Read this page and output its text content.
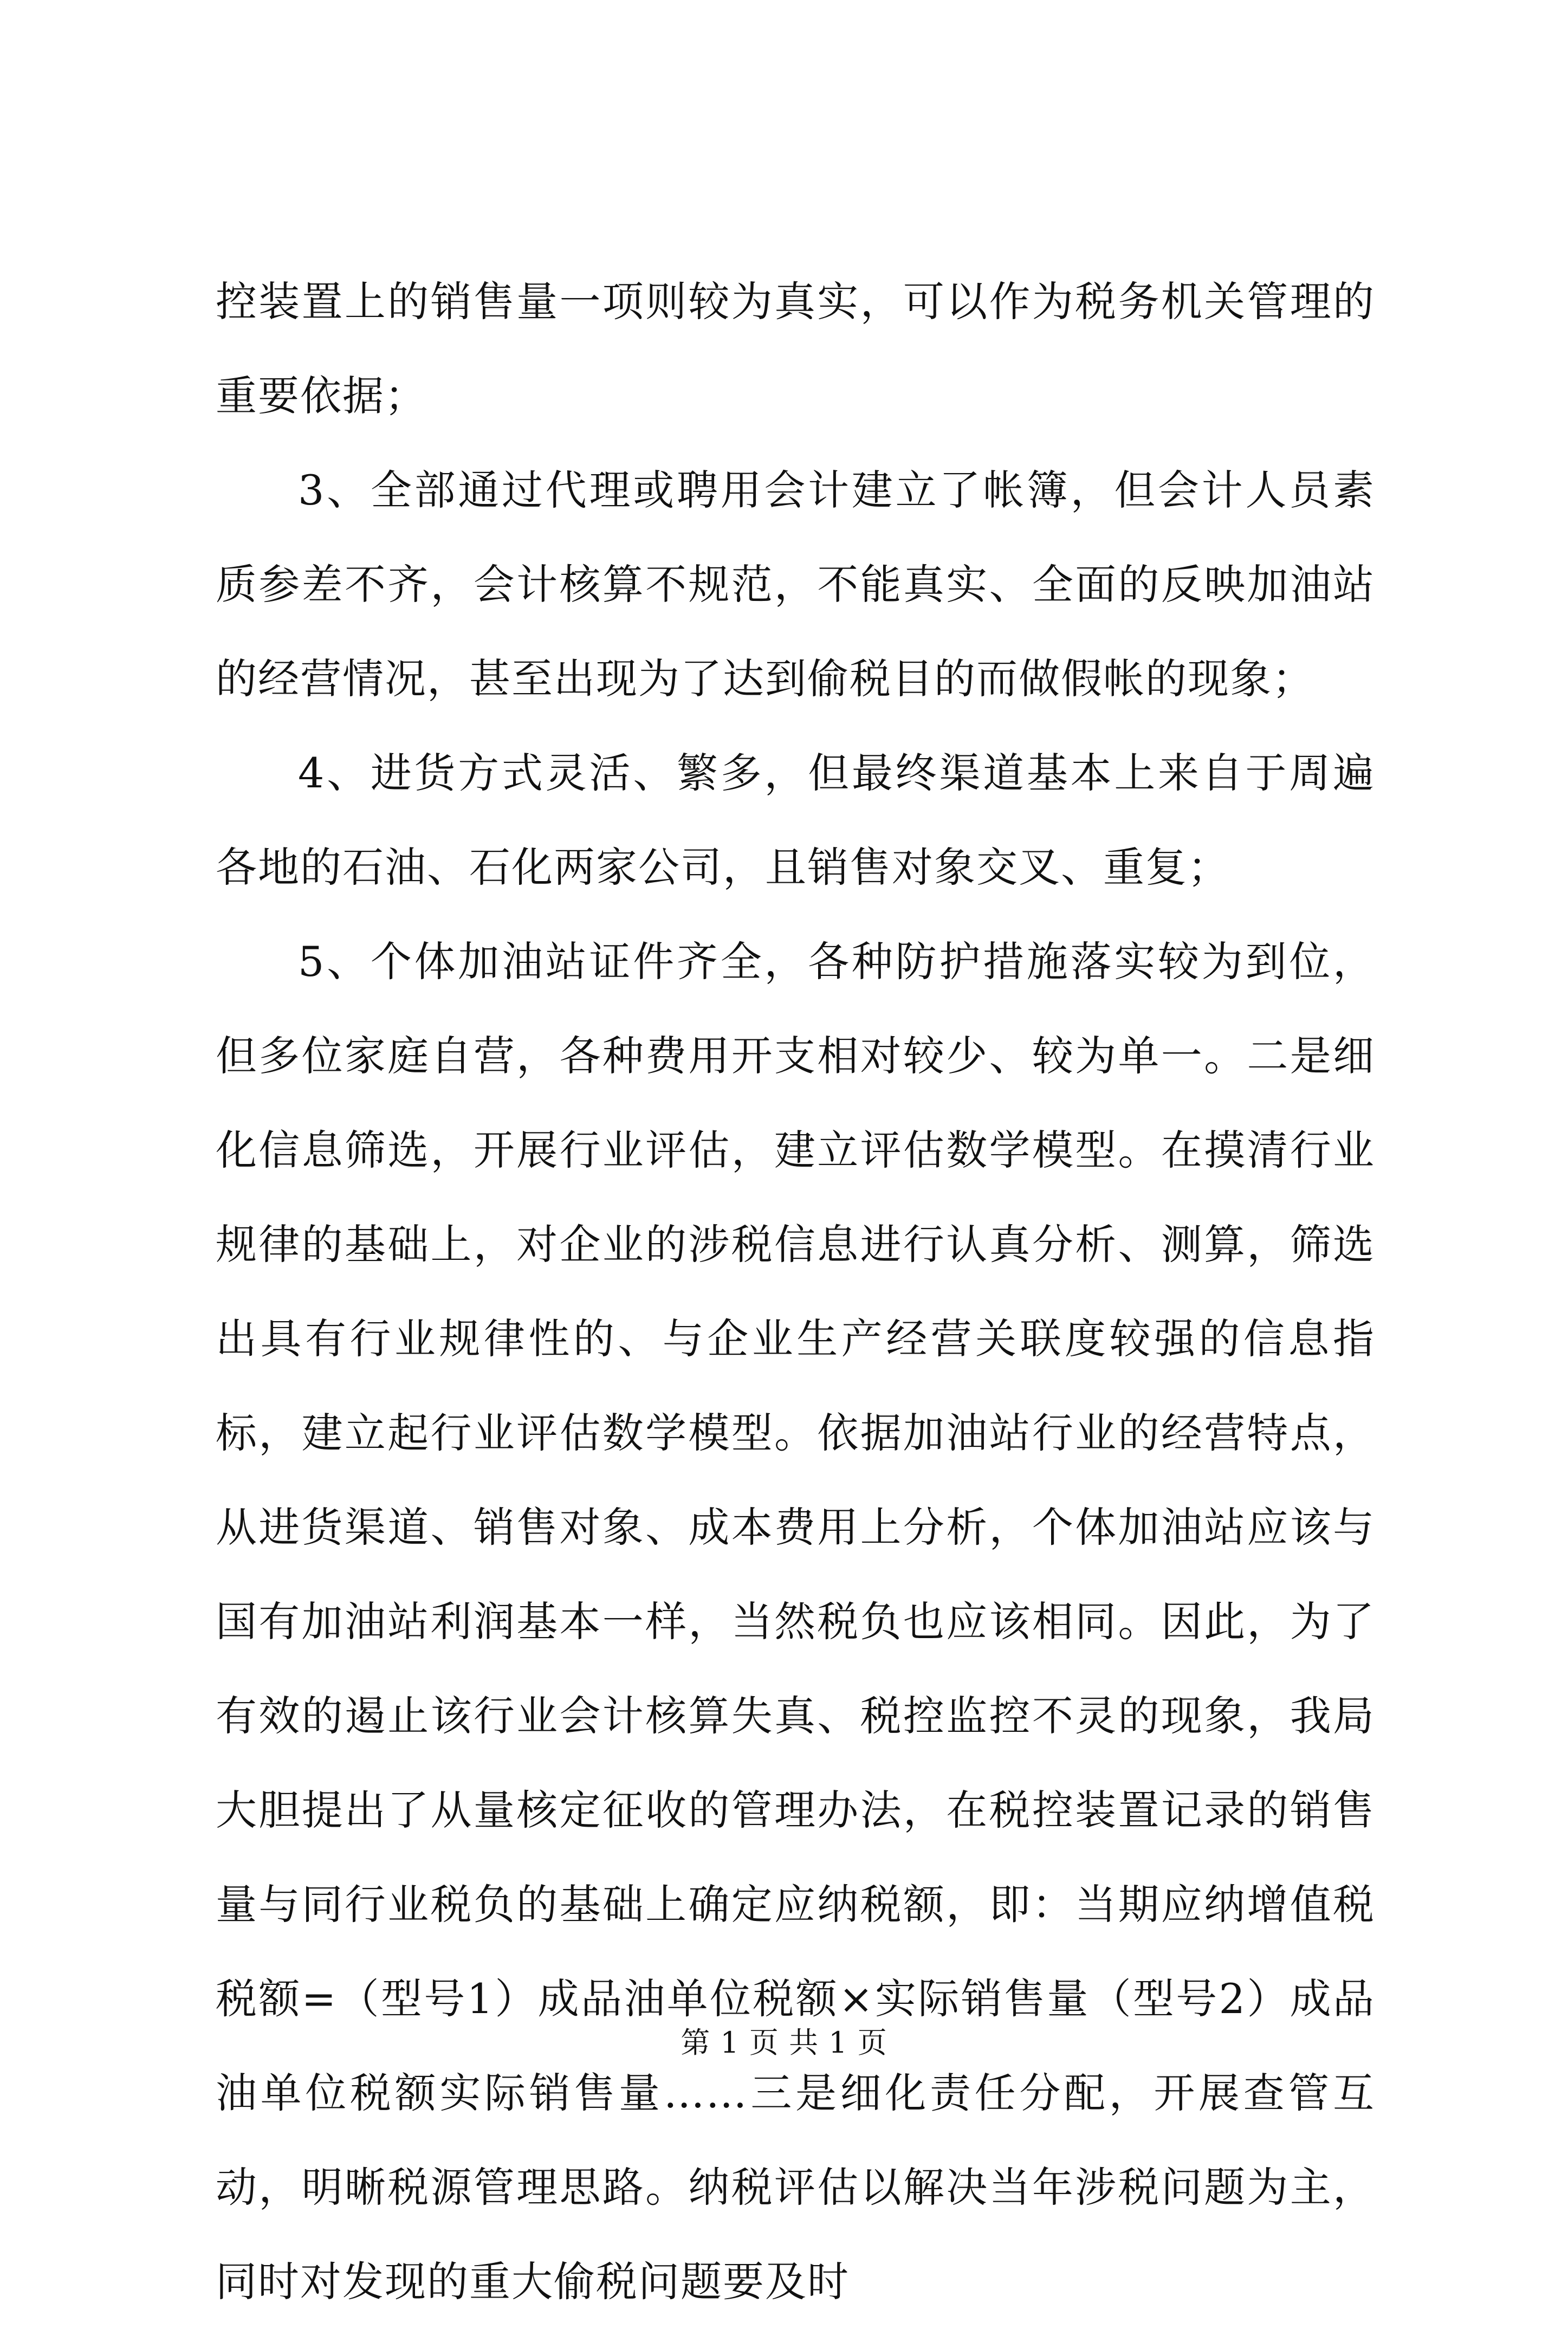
控装置上的销售量一项则较为真实，可以作为税务机关管理的重要依据；

3、全部通过代理或聘用会计建立了帐簿，但会计人员素质参差不齐，会计核算不规范，不能真实、全面的反映加油站的经营情况，甚至出现为了达到偷税目的而做假帐的现象；

4、进货方式灵活、繁多，但最终渠道基本上来自于周遍各地的石油、石化两家公司，且销售对象交叉、重复；

5、个体加油站证件齐全，各种防护措施落实较为到位，但多位家庭自营，各种费用开支相对较少、较为单一。二是细化信息筛选，开展行业评估，建立评估数学模型。在摸清行业规律的基础上，对企业的涉税信息进行认真分析、测算，筛选出具有行业规律性的、与企业生产经营关联度较强的信息指标，建立起行业评估数学模型。依据加油站行业的经营特点，从进货渠道、销售对象、成本费用上分析，个体加油站应该与国有加油站利润基本一样，当然税负也应该相同。因此，为了有效的遏止该行业会计核算失真、税控监控不灵的现象，我局大胆提出了从量核定征收的管理办法，在税控装置记录的销售量与同行业税负的基础上确定应纳税额，即：当期应纳增值税税额=（型号1）成品油单位税额×实际销售量（型号2）成品油单位税额实际销售量……三是细化责任分配，开展查管互动，明晰税源管理思路。纳税评估以解决当年涉税问题为主，同时对发现的重大偷税问题要及时

第 1 页 共 1 页
